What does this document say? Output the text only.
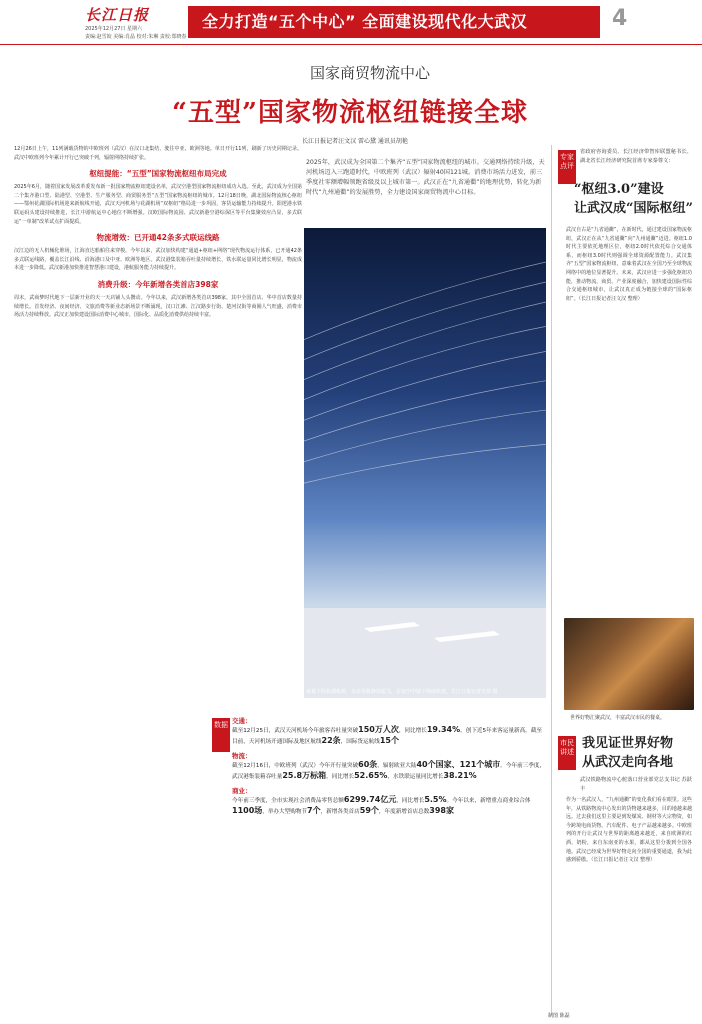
长江日报
2025年12月27日 星期六
责编:赵雪皎 美编:肖晶 校对:朱琳 责校:郑晓春
全力打造“五个中心” 全面建设现代化大武汉	4
国家商贸物流中心
“五型”国家物流枢纽链接全球
长江日报记者汪文汉 雷心黛 通讯员胡艳
2025年，武汉成为全国第二个集齐“五型”国家物流枢纽的城市。交通网络持续升级，天河机场迈入三跑道时代，中欧班列（武汉）辐射40国121城。消费市场活力迸发，前三季度社零额增幅领跑省级及以上城市第一。武汉正在“九省通衢”的地理优势，转化为新时代“九州通衢”的发展胜势，全力建设国家商贸物流中心目标。
夜幕下的花湖机场，众多货机静待起飞，在夜空中留下绚丽轨迹。长江日报记者史伟 摄
12月26日上午，11列满载货物的中欧班列（武汉）在汉口北集结，驶往中亚、欧洲等地。单日开行11列，刷新了历史同期记录。武汉中欧班列今年累计开行已突破千列，辐射网络持续扩张。
枢纽提能：“五型”国家物流枢纽布局完成
2025年6月，随着国家发展改革委发布新一批国家物流枢纽建设名单，武汉空港型国家物流枢纽成功入选。至此，武汉成为全国第二个集齐港口型、陆港型、空港型、生产服务型、商贸服务型“五型”国家物流枢纽的城市。12月18日晚，湖北国际物流核心枢纽——鄂州花湖国际机场迎来新航线开通，武汉天河机场与花湖机场“双枢纽”格局进一步巩固，客货运输能力持续提升。阳逻港水铁联运码头建设持续推进，长江中游航运中心地位不断增强。汉欧国际物流园、武汉新港空港综保区等平台集聚效应凸显，多式联运“一单制”改革试点扩面提质。
物流增效：已开通42条多式联运线路
汉江边的无人机械化堆场，江海直达船舶往来穿梭。今年以来，武汉加快构建“通道+枢纽+网络”现代物流运行体系，已开通42条多式联运线路，覆盖长江沿线、沿海港口及中亚、欧洲等地区。武汉港集装箱吞吐量持续增长，铁水联运量同比增长明显，物流成本进一步降低。武汉新港加快推进智慧港口建设，港航服务能力持续提升。
消费升级：今年新增各类首店398家
周末，武商梦时代地下一层新开业的天一天店铺人头攒动。今年以来，武汉新增各类首店398家，其中全国首店、华中首店数量持续增长。首发经济、夜间经济、文旅消费等新业态新场景不断涌现，汉口江滩、江汉路步行街、楚河汉街等商圈人气旺盛，消费市场活力持续释放。武汉正加快建设国际消费中心城市，国际化、品质化消费供给持续丰富。
专家点评
省政府咨询委员、长江经济带智库联盟秘书长、湖北省长江经济研究院首席专家秦尊文：
“枢纽3.0”建设
让武汉成“国际枢纽”
武汉自古是“九省通衢”，在新时代，通过建设国家物流枢纽，武汉正在从“九省通衢”向“九州通衢”迈进。枢纽1.0时代主要依托地理区位，枢纽2.0时代依托综合交通体系，而枢纽3.0时代则强调全球资源配置能力。武汉集齐“五型”国家物流枢纽，意味着武汉在全国乃至全球物流网络中的地位显著提升。未来，武汉应进一步强化枢纽功能，推动物流、商贸、产业深度融合，加快建设国际性综合交通枢纽城市，让武汉真正成为链接全球的“国际枢纽”。（长江日报记者汪文汉 整理）
世界好物汇聚武汉，丰富武汉市民的餐桌。
市民讲述
我见证世界好物
从武汉走向各地
武汉铁路物流中心舵落口营业部党总支书记 苏跃丰
作为一名武汉人，“九州通衢”的变化我们看在眼里。这些年，从铁路物流中心发出的货物越来越多，目的地越来越远。过去我们这里主要是到发煤炭、钢材等大宗物资，如今跨境电商货物、汽车配件、电子产品越来越多。中欧班列的开行让武汉与世界的距离越来越近，来自欧洲的红酒、奶粉，来自东南亚的水果，都从这里分拨到全国各地。武汉已经成为世界好物走向全国的重要通道，我为此感到骄傲。（长江日报记者汪文汉 整理）
数据 交通：
截至12月25日，武汉天河机场今年旅客吞吐量突破150万人次，同比增长19.34%，创下近5年来客运量新高。截至目前，天河机场开通国际及地区航线22条，国际货运航线15个
物流：
截至12月16日，中欧班列（武汉）今年开行量突破60条，辐射欧亚大陆40个国家、121个城市。今年前三季度，武汉港集装箱吞吐量25.8万标箱，同比增长52.65%，水铁联运量同比增长38.21%
商业：
今年前三季度，全市实现社会消费品零售总额6299.74亿元，同比增长5.5%。今年以来，新增重点商业综合体1100场，举办大型购物节7个，新增各类首店59个，年度新增首店总数398家
制图 陈磊
